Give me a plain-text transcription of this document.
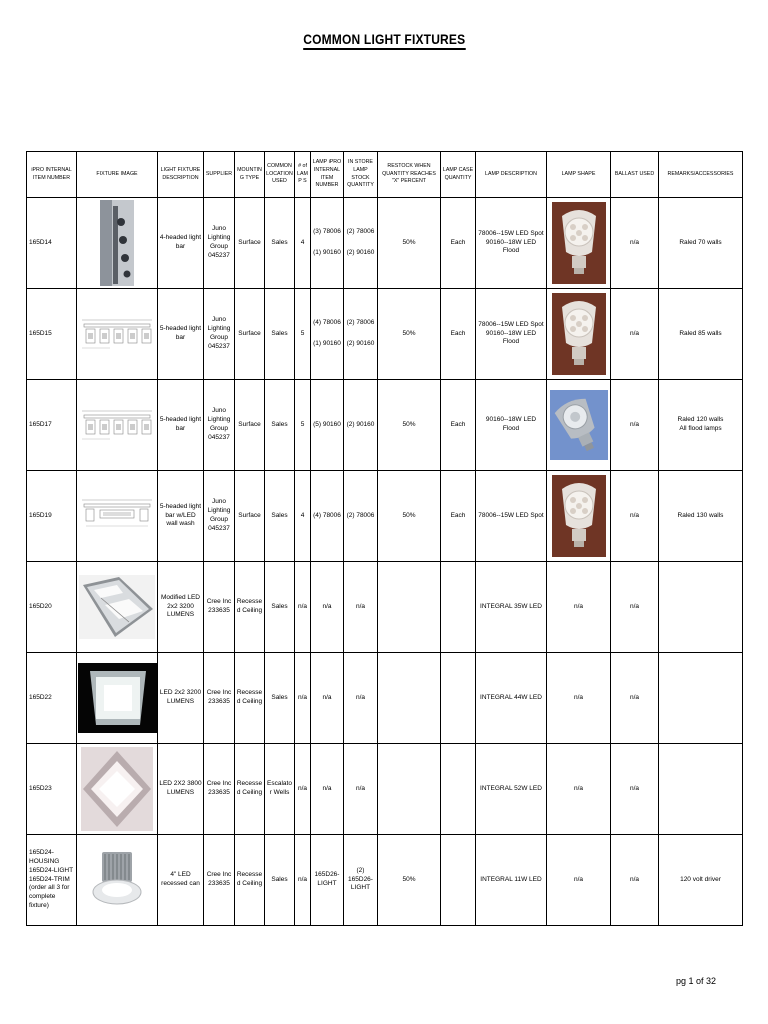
COMMON LIGHT FIXTURES
iPRO INTERNAL ITEM NUMBER	FIXTURE IMAGE	LIGHT FIXTURE DESCRIPTION	SUPPLIER	MOUNTING TYPE	COMMON LOCATION USED	# of LAMP S	LAMP iPRO INTERNAL ITEM NUMBER	IN STORE LAMP STOCK QUANTITY	RESTOCK WHEN QUANTITY REACHES "X" PERCENT	LAMP CASE QUANTITY	LAMP DESCRIPTION	LAMP SHAPE	BALLAST USED	REMARKS/ACCESSORIES
165D14		4-headed light bar	Juno Lighting Group 045237	Surface	Sales	4	(3) 78006
(1) 90160	(2) 78006
(2) 90160	50%	Each	78006--15W LED Spot
90160--18W LED Flood		n/a	Raled 70 walls

165D15		5-headed light bar	Juno Lighting Group 045237	Surface	Sales	5	(4) 78006
(1) 90160	(2) 78006
(2) 90160	50%	Each	78006--15W LED Spot
90160--18W LED Flood		n/a	Raled 85 walls

165D17		5-headed light bar	Juno Lighting Group 045237	Surface	Sales	5	(5) 90160	(2) 90160	50%	Each	90160--18W LED Flood		n/a	Raled 120 walls
All flood lamps

165D19		5-headed light bar w/LED wall wash	Juno Lighting Group 045237	Surface	Sales	4	(4) 78006	(2) 78006	50%	Each	78006--15W LED Spot		n/a	Raled 130 walls

165D20		Modified LED 2x2 3200 LUMENS	Cree Inc 233635	Recessed Ceiling	Sales	n/a	n/a	n/a			INTEGRAL 35W LED	n/a	n/a	
165D22		LED 2x2 3200 LUMENS	Cree Inc 233635	Recessed Ceiling	Sales	n/a	n/a	n/a			INTEGRAL 44W LED	n/a	n/a	
165D23		LED 2X2 3800 LUMENS	Cree Inc 233635	Recessed Ceiling	Escalator Wells	n/a	n/a	n/a			INTEGRAL 52W LED	n/a	n/a	
165D24-HOUSING 165D24-LIGHT 165D24-TRIM (order all 3 for complete fixture)		4" LED recessed can	Cree Inc 233635	Recessed Ceiling	Sales	n/a	165D26-LIGHT	(2) 165D26-LIGHT	50%		INTEGRAL 11W LED	n/a	n/a	120 volt driver
pg 1 of 32
